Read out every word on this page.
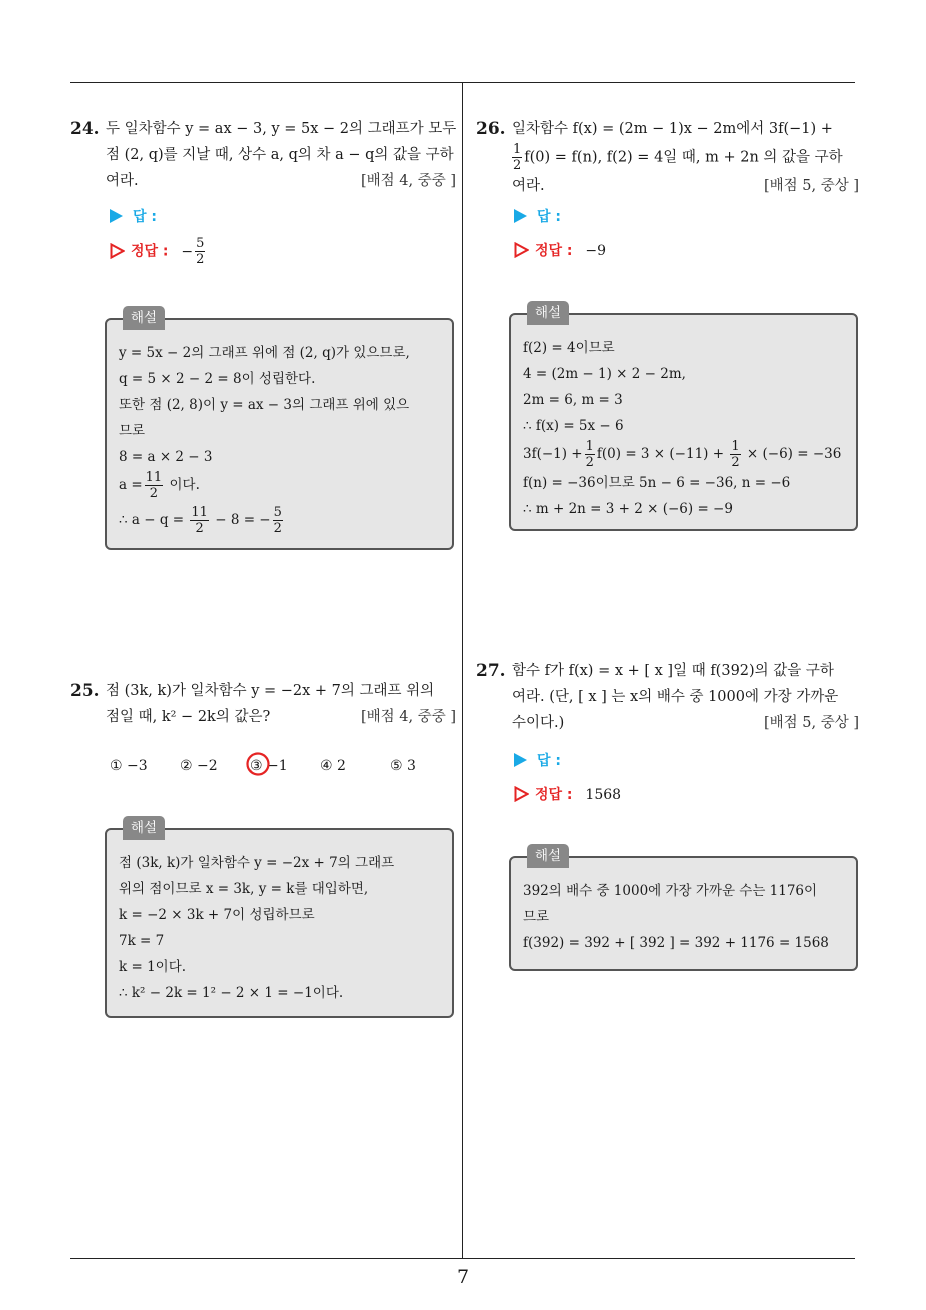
24. 두 일차함수 y = ax − 3, y = 5x − 2의 그래프가 모두
점 (2, q)를 지날 때, 상수 a, q의 차 a − q의 값을 구하
여라.	[배점 4, 중중 ]
답 :
정답 : − $\frac{5}{2}$
해설
y = 5x − 2의 그래프 위에 점 (2, q)가 있으므로,
q = 5 × 2 − 2 = 8이 성립한다.
또한 점 (2, 8)이 y = ax − 3의 그래프 위에 있으
므로
8 = a × 2 − 3
$a = \frac{11}{2}$ 이다.
∴ $a - q = \frac{11}{2} - 8$ = − $\frac{5}{2}$
25. 점 (3k, k)가 일차함수 y = −2x + 7의 그래프 위의
점일 때, k² − 2k의 값은?	[배점 4, 중중 ]
① −3 ② −2 ③ −1 ④ 2	⑤ 3
해설
점 (3k, k)가 일차함수 y = −2x + 7의 그래프
위의 점이므로 x = 3k, y = k를 대입하면,
k = −2 × 3k + 7이 성립하므로
7k = 7
k = 1이다.
∴ k² − 2k = 1² − 2 × 1 = −1이다.
26. 일차함수 f(x) = (2m − 1)x − 2m에서 3f(−1) +
$\frac{1}{2} f(0) = f(n)$, f(2) = 4일 때, m + 2n 의 값을 구하
여라.	[배점 5, 중상 ]
답 :
정답 : −9
해설
f(2) = 4이므로
4 = (2m − 1) × 2 − 2m,
2m = 6, m = 3
∴ f(x) = 5x − 6
$3f(-1) + \frac{1}{2} f(0) = 3 \times (-11) + \frac{1}{2} \times (-6) = -36$
f(n) = −36이므로 5n − 6 = −36, n = −6
∴ m + 2n = 3 + 2 × (−6) = −9
27. 함수 f가 f(x) = x + [ x ]일 때 f(392)의 값을 구하
여라. (단, [ x ] 는 x의 배수 중 1000에 가장 가까운
수이다.)	[배점 5, 중상 ]
답 :
정답 : 1568
해설
392의 배수 중 1000에 가장 가까운 수는 1176이
므로
f(392) = 392 + [ 392 ] = 392 + 1176 = 1568
7
